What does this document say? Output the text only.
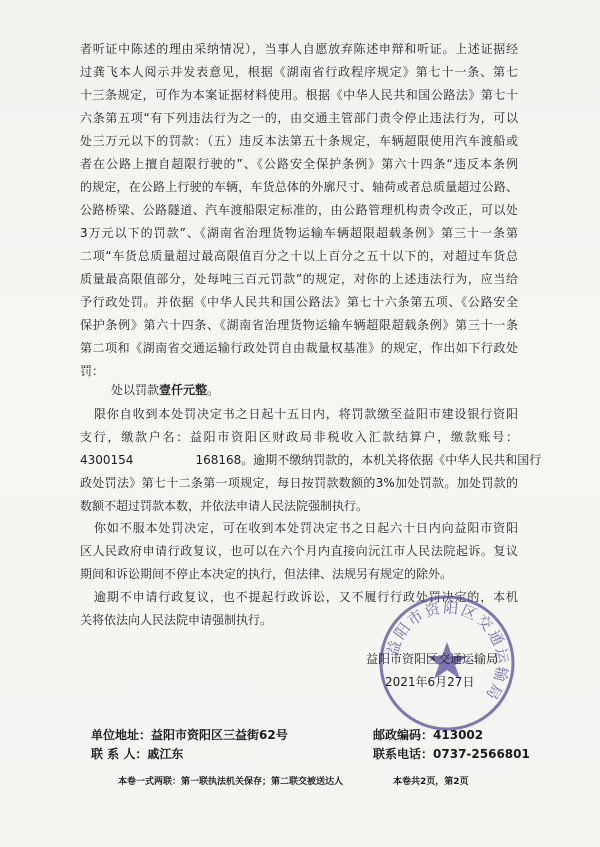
者听证中陈述的理由采纳情况），当事人自愿放弃陈述申辩和听证。上述证据经
过龚飞本人阅示并发表意见，根据《湖南省行政程序规定》第七十一条、第七
十三条规定，可作为本案证据材料使用。根据《中华人民共和国公路法》第七十
六条第五项“有下列违法行为之一的，由交通主管部门责令停止违法行为，可以
处三万元以下的罚款：（五）违反本法第五十条规定，车辆超限使用汽车渡船或
者在公路上擅自超限行驶的”、《公路安全保护条例》第六十四条“违反本条例
的规定，在公路上行驶的车辆，车货总体的外廓尺寸、轴荷或者总质量超过公路、
公路桥梁、公路隧道、汽车渡船限定标准的，由公路管理机构责令改正，可以处
3万元以下的罚款”、《湖南省治理货物运输车辆超限超载条例》第三十一条第
二项“车货总质量超过最高限值百分之十以上百分之五十以下的，对超过车货总
质量最高限值部分，处每吨三百元罚款”的规定，对你的上述违法行为，应当给
予行政处罚。并依据《中华人民共和国公路法》第七十六条第五项、《公路安全
保护条例》第六十四条、《湖南省治理货物运输车辆超限超载条例》第三十一条
第二项和《湖南省交通运输行政处罚自由裁量权基准》的规定，作出如下行政处
罚：
处以罚款壹仟元整。
限你自收到本处罚决定书之日起十五日内，将罚款缴至益阳市建设银行资阳
支行，缴款户名：益阳市资阳区财政局非税收入汇款结算户，缴款账号：
4300154	168168。逾期不缴纳罚款的，本机关将依据《中华人民共和国行
政处罚法》第七十二条第一项规定，每日按罚款数额的3%加处罚款。加处罚款的
数额不超过罚款本数，并依法申请人民法院强制执行。
你如不服本处罚决定，可在收到本处罚决定书之日起六十日内向益阳市资阳
区人民政府申请行政复议，也可以在六个月内直接向沅江市人民法院起诉。复议
期间和诉讼期间不停止本决定的执行，但法律、法规另有规定的除外。
逾期不申请行政复议，也不提起行政诉讼，又不履行行政处罚决定的，本机
关将依法向人民法院申请强制执行。
益阳市资阳区交通运输局
益阳市资阳区交通运输局
2021年6月27日
单位地址：益阳市资阳区三益街62号	邮政编码：413002
联 系 人：戚江东	联系电话：0737-2566801
本卷一式两联：第一联执法机关保存；第二联交被送达人	本卷共2页，第2页
